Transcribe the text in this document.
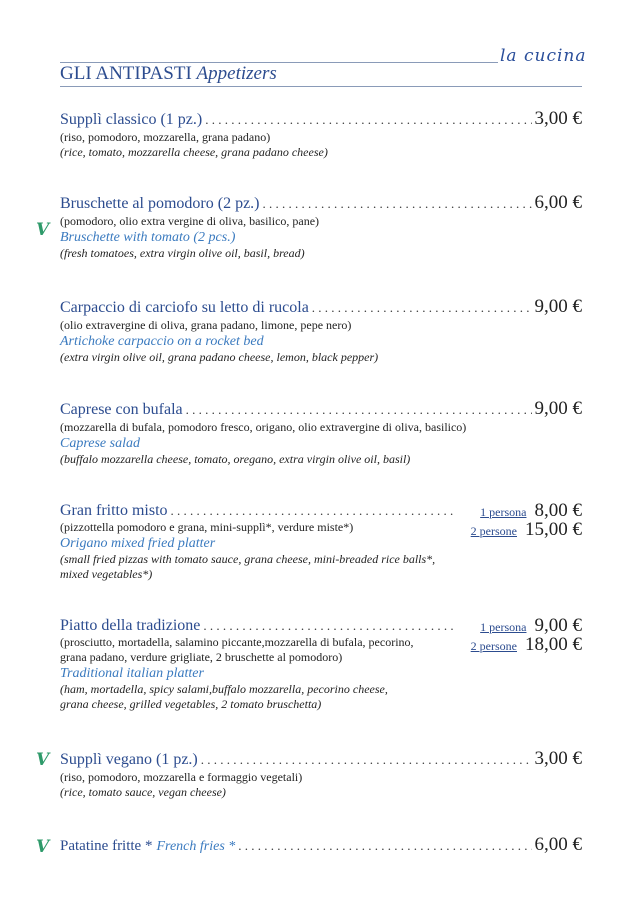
la cucina
GLI ANTIPASTI Appetizers
Supplì classico (1 pz.) . . .	3,00 €
(riso, pomodoro, mozzarella, grana padano)
(rice, tomato, mozzarella cheese, grana padano cheese)
V
Bruschette al pomodoro (2 pz.) . . .	6,00 €
(pomodoro, olio extra vergine di oliva, basilico, pane)
Bruschette with tomato (2 pcs.)
(fresh tomatoes, extra virgin olive oil, basil, bread)
Carpaccio di carciofo su letto di rucola . . .	9,00 €
(olio extravergine di oliva, grana padano, limone, pepe nero)
Artichoke carpaccio on a rocket bed
(extra virgin olive oil, grana padano cheese, lemon, black pepper)
Caprese con bufala . . .	9,00 €
(mozzarella di bufala, pomodoro fresco, origano, olio extravergine di oliva, basilico)
Caprese salad
(buffalo mozzarella cheese, tomato, oregano, extra virgin olive oil, basil)
Gran fritto misto . . .	1 persona 8,00 €
2 persone 15,00 €
(pizzottella pomodoro e grana, mini-supplì*, verdure miste*)
Origano mixed fried platter
(small fried pizzas with tomato sauce, grana cheese, mini-breaded rice balls*,
mixed vegetables*)
Piatto della tradizione . . .	1 persona 9,00 €
2 persone 18,00 €
(prosciutto, mortadella, salamino piccante,mozzarella di bufala, pecorino,
grana padano, verdure grigliate, 2 bruschette al pomodoro)
Traditional italian platter
(ham, mortadella, spicy salami,buffalo mozzarella, pecorino cheese,
grana cheese, grilled vegetables, 2 tomato bruschetta)
V Supplì vegano (1 pz.) . . .	3,00 €
(riso, pomodoro, mozzarella e formaggio vegetali)
(rice, tomato sauce, vegan cheese)
V Patatine fritte * French fries * . . .	6,00 €
